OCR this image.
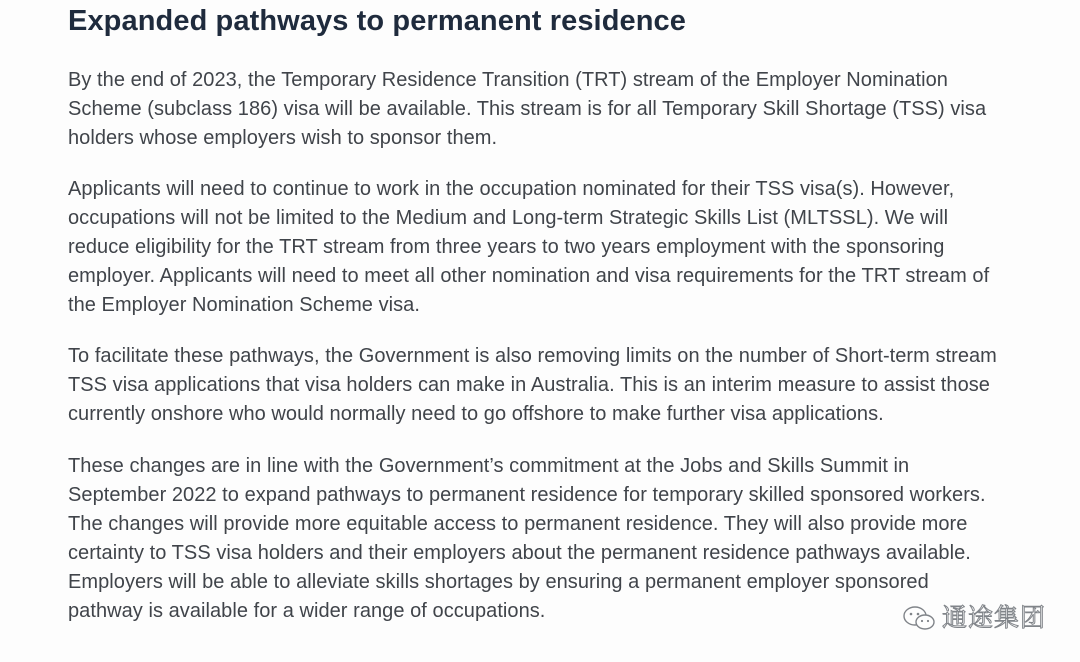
Expanded pathways to permanent residence

By the end of 2023, the Temporary Residence Transition (TRT) stream of the Employer Nomination Scheme (subclass 186) visa will be available. This stream is for all Temporary Skill Shortage (TSS) visa holders whose employers wish to sponsor them.

Applicants will need to continue to work in the occupation nominated for their TSS visa(s). However, occupations will not be limited to the Medium and Long-term Strategic Skills List (MLTSSL). We will reduce eligibility for the TRT stream from three years to two years employment with the sponsoring employer. Applicants will need to meet all other nomination and visa requirements for the TRT stream of the Employer Nomination Scheme visa.

To facilitate these pathways, the Government is also removing limits on the number of Short-term stream TSS visa applications that visa holders can make in Australia. This is an interim measure to assist those currently onshore who would normally need to go offshore to make further visa applications.

These changes are in line with the Government’s commitment at the Jobs and Skills Summit in September 2022 to expand pathways to permanent residence for temporary skilled sponsored workers. The changes will provide more equitable access to permanent residence. They will also provide more certainty to TSS visa holders and their employers about the permanent residence pathways available. Employers will be able to alleviate skills shortages by ensuring a permanent employer sponsored pathway is available for a wider range of occupations.	通途集团
